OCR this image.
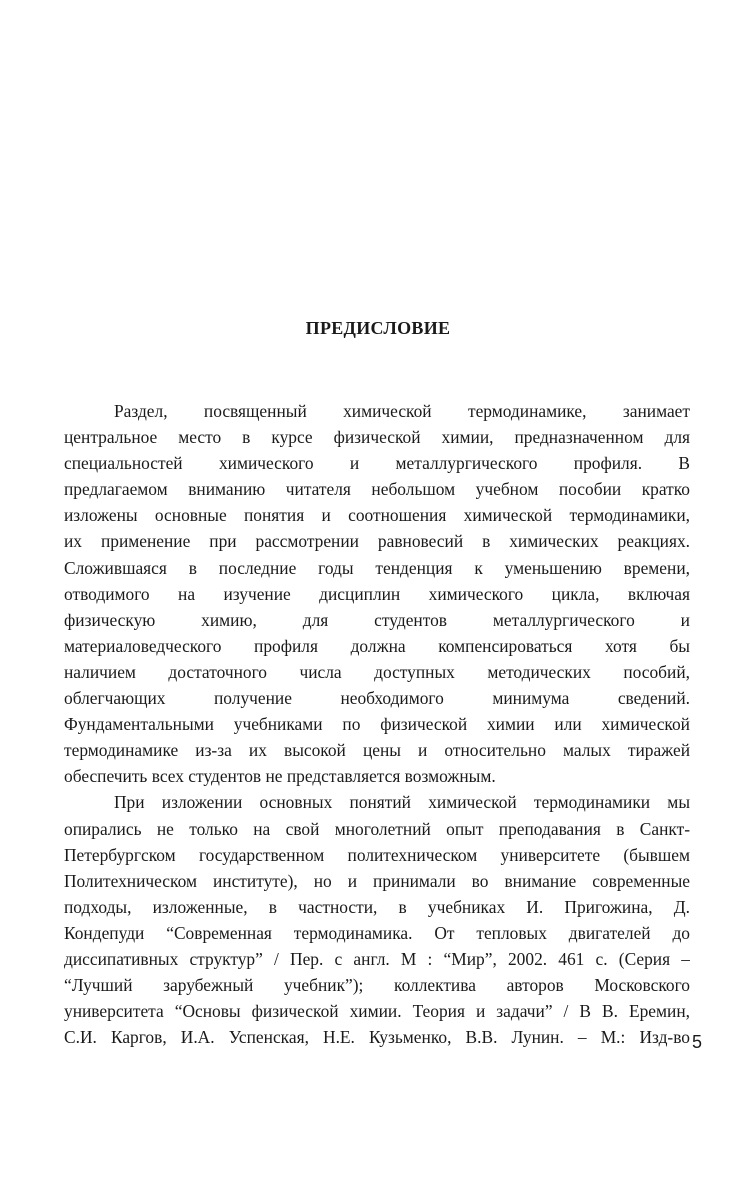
ПРЕДИСЛОВИЕ
Раздел, посвященный химической термодинамике, занимает
центральное место в курсе физической химии, предназначенном для
специальностей химического и металлургического профиля. В
предлагаемом вниманию читателя небольшом учебном пособии кратко
изложены основные понятия и соотношения химической термодинамики,
их применение при рассмотрении равновесий в химических реакциях.
Сложившаяся в последние годы тенденция к уменьшению времени,
отводимого на изучение дисциплин химического цикла, включая
физическую химию, для студентов металлургического и
материаловедческого профиля должна компенсироваться хотя бы
наличием достаточного числа доступных методических пособий,
облегчающих получение необходимого минимума сведений.
Фундаментальными учебниками по физической химии или химической
термодинамике из-за их высокой цены и относительно малых тиражей
обеспечить всех студентов не представляется возможным.
При изложении основных понятий химической термодинамики мы
опирались не только на свой многолетний опыт преподавания в Санкт-
Петербургском государственном политехническом университете (бывшем
Политехническом институте), но и принимали во внимание современные
подходы, изложенные, в частности, в учебниках И. Пригожина, Д.
Кондепуди “Современная термодинамика. От тепловых двигателей до
диссипативных структур” / Пер. с англ. М : “Мир”, 2002. 461 с. (Серия –
“Лучший зарубежный учебник”); коллектива авторов Московского
университета “Основы физической химии. Теория и задачи” / В В. Еремин,
С.И. Каргов, И.А. Успенская, Н.Е. Кузьменко, В.В. Лунин. – М.: Изд-во 5
